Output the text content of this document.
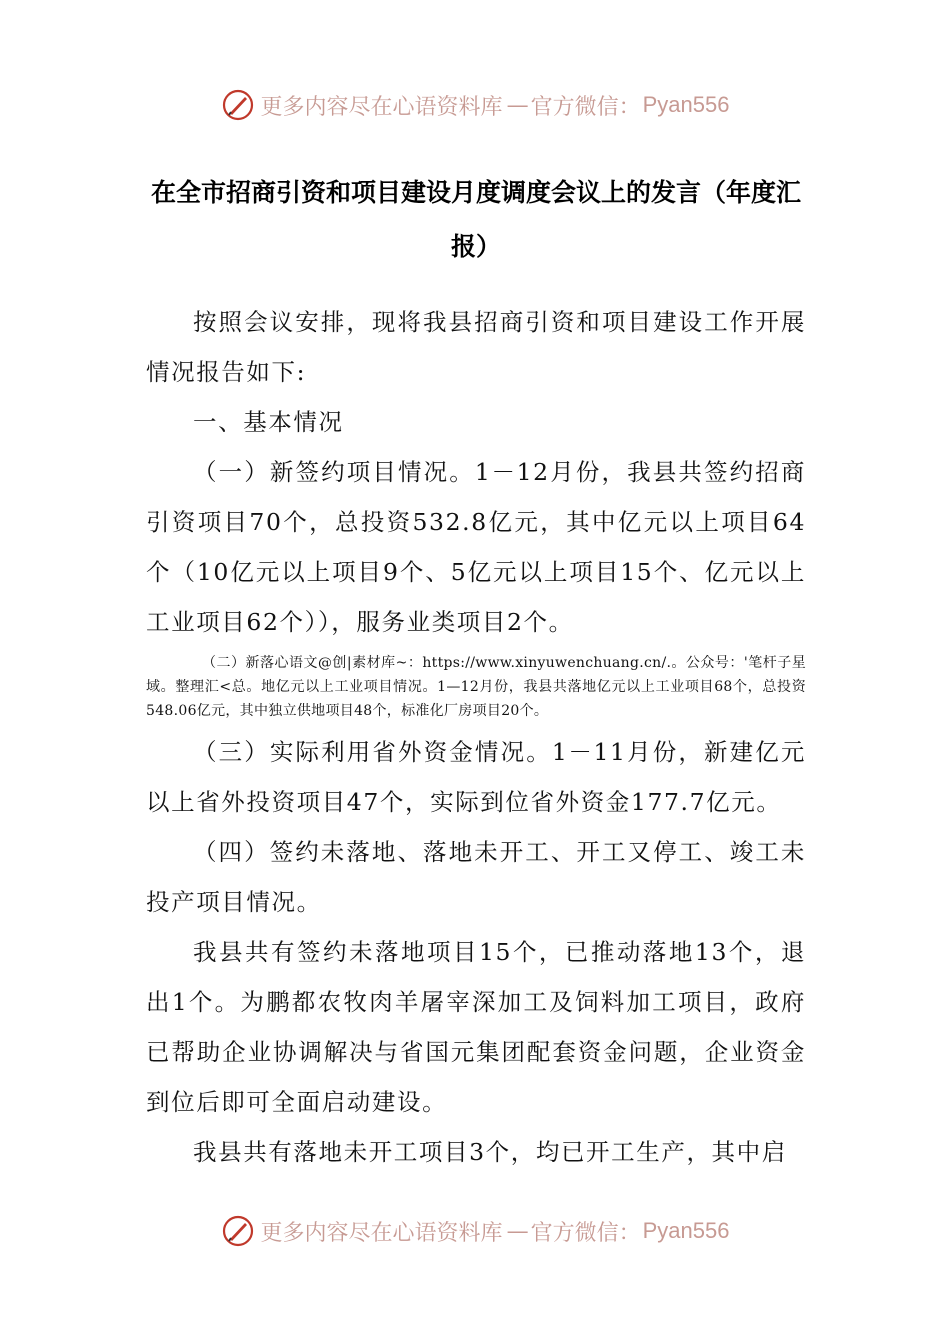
更多内容尽在心语资料库 — 官方微信： Pyan556
在全市招商引资和项目建设月度调度会议上的发言（年度汇报）

按照会议安排，现将我县招商引资和项目建设工作开展情况报告如下:

一、基本情况

（一）新签约项目情况。1－12月份，我县共签约招商引资项目70个，总投资532.8亿元，其中亿元以上项目64个（10亿元以上项目9个、5亿元以上项目15个、亿元以上工业项目62个）），服务业类项目2个。

（二）新落心语文@创|素材库~：https://www.xinyuwenchuang.cn/.。公众号：'笔杆子星域。整理汇<总。地亿元以上工业项目情况。1—12月份，我县共落地亿元以上工业项目68个，总投资548.06亿元，其中独立供地项目48个，标准化厂房项目20个。

（三）实际利用省外资金情况。1－11月份，新建亿元以上省外投资项目47个，实际到位省外资金177.7亿元。

（四）签约未落地、落地未开工、开工又停工、竣工未投产项目情况。

我县共有签约未落地项目15个，已推动落地13个，退出1个。为鹏都农牧肉羊屠宰深加工及饲料加工项目，政府已帮助企业协调解决与省国元集团配套资金问题，企业资金到位后即可全面启动建设。

我县共有落地未开工项目3个，均已开工生产，其中启

更多内容尽在心语资料库 — 官方微信： Pyan556
